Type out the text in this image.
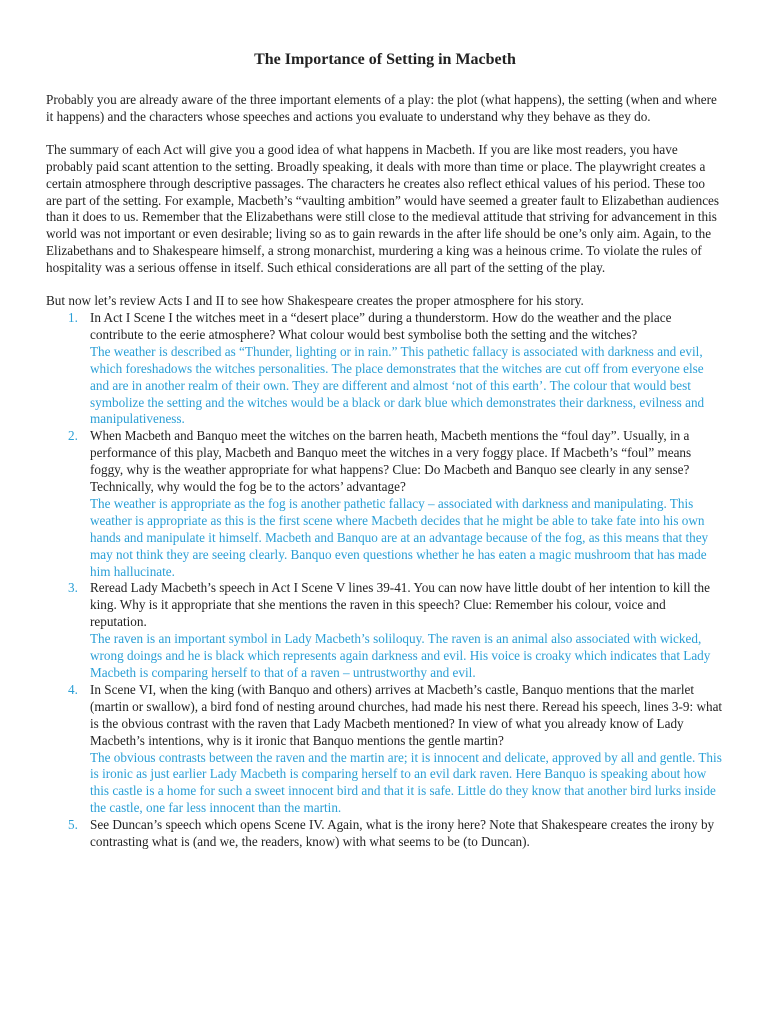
The Importance of Setting in Macbeth

Probably you are already aware of the three important elements of a play: the plot (what happens), the setting (when and where it happens) and the characters whose speeches and actions you evaluate to understand why they behave as they do.

The summary of each Act will give you a good idea of what happens in Macbeth. If you are like most readers, you have probably paid scant attention to the setting. Broadly speaking, it deals with more than time or place. The playwright creates a certain atmosphere through descriptive passages. The characters he creates also reflect ethical values of his period. These too are part of the setting. For example, Macbeth’s “vaulting ambition” would have seemed a greater fault to Elizabethan audiences than it does to us. Remember that the Elizabethans were still close to the medieval attitude that striving for advancement in this world was not important or even desirable; living so as to gain rewards in the after life should be one’s only aim. Again, to the Elizabethans and to Shakespeare himself, a strong monarchist, murdering a king was a heinous crime. To violate the rules of hospitality was a serious offense in itself. Such ethical considerations are all part of the setting of the play.

But now let’s review Acts I and II to see how Shakespeare creates the proper atmosphere for his story.

1. In Act I Scene I the witches meet in a “desert place” during a thunderstorm. How do the weather and the place contribute to the eerie atmosphere? What colour would best symbolise both the setting and the witches?
The weather is described as “Thunder, lighting or in rain.” This pathetic fallacy is associated with darkness and evil, which foreshadows the witches personalities. The place demonstrates that the witches are cut off from everyone else and are in another realm of their own. They are different and almost ‘not of this earth’. The colour that would best symbolize the setting and the witches would be a black or dark blue which demonstrates their darkness, evilness and manipulativeness.
2. When Macbeth and Banquo meet the witches on the barren heath, Macbeth mentions the “foul day”. Usually, in a performance of this play, Macbeth and Banquo meet the witches in a very foggy place. If Macbeth’s “foul” means foggy, why is the weather appropriate for what happens? Clue: Do Macbeth and Banquo see clearly in any sense? Technically, why would the fog be to the actors’ advantage?
The weather is appropriate as the fog is another pathetic fallacy – associated with darkness and manipulating. This weather is appropriate as this is the first scene where Macbeth decides that he might be able to take fate into his own hands and manipulate it himself. Macbeth and Banquo are at an advantage because of the fog, as this means that they may not think they are seeing clearly. Banquo even questions whether he has eaten a magic mushroom that has made him hallucinate.
3. Reread Lady Macbeth’s speech in Act I Scene V lines 39-41. You can now have little doubt of her intention to kill the king. Why is it appropriate that she mentions the raven in this speech? Clue: Remember his colour, voice and reputation.
The raven is an important symbol in Lady Macbeth’s soliloquy. The raven is an animal also associated with wicked, wrong doings and he is black which represents again darkness and evil. His voice is croaky which indicates that Lady Macbeth is comparing herself to that of a raven – untrustworthy and evil.
4. In Scene VI, when the king (with Banquo and others) arrives at Macbeth’s castle, Banquo mentions that the marlet (martin or swallow), a bird fond of nesting around churches, had made his nest there. Reread his speech, lines 3-9: what is the obvious contrast with the raven that Lady Macbeth mentioned? In view of what you already know of Lady Macbeth’s intentions, why is it ironic that Banquo mentions the gentle martin?
The obvious contrasts between the raven and the martin are; it is innocent and delicate, approved by all and gentle. This is ironic as just earlier Lady Macbeth is comparing herself to an evil dark raven. Here Banquo is speaking about how this castle is a home for such a sweet innocent bird and that it is safe. Little do they know that another bird lurks inside the castle, one far less innocent than the martin.
5. See Duncan’s speech which opens Scene IV. Again, what is the irony here? Note that Shakespeare creates the irony by contrasting what is (and we, the readers, know) with what seems to be (to Duncan).
